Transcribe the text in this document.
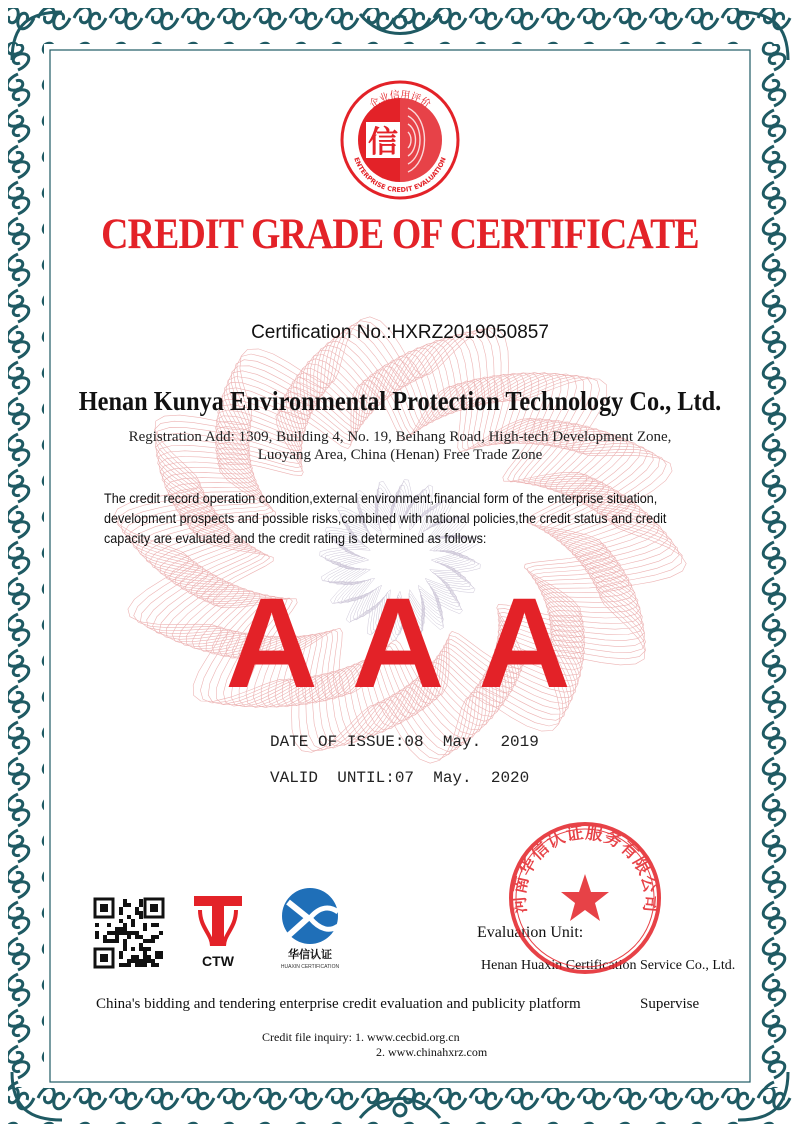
信
企业信用评价
ENTERPRISE CREDIT EVALUATION
CREDIT GRADE OF CERTIFICATE
Certification No.:HXRZ2019050857
Henan Kunya Environmental Protection Technology Co., Ltd.
Registration Add: 1309, Building 4, No. 19, Beihang Road, High-tech Development Zone,
Luoyang Area, China (Henan) Free Trade Zone
The credit record operation condition,external environment,financial form of the enterprise situation, development prospects and possible risks,combined with national policies,the credit status and credit capacity are evaluated and the credit rating is determined as follows:
AAA
DATE OF ISSUE:08  May.  2019
VALID  UNTIL:07  May.  2020
CTW	华信认证
HUAXIN CERTIFICATION
Evaluation Unit:
Henan Huaxin Certification Service Co., Ltd.
河南华信认证服务有限公司
China's bidding and tendering enterprise credit evaluation and publicity platform	Supervise
Credit file inquiry: 1. www.cecbid.org.cn
2. www.chinahxrz.com
